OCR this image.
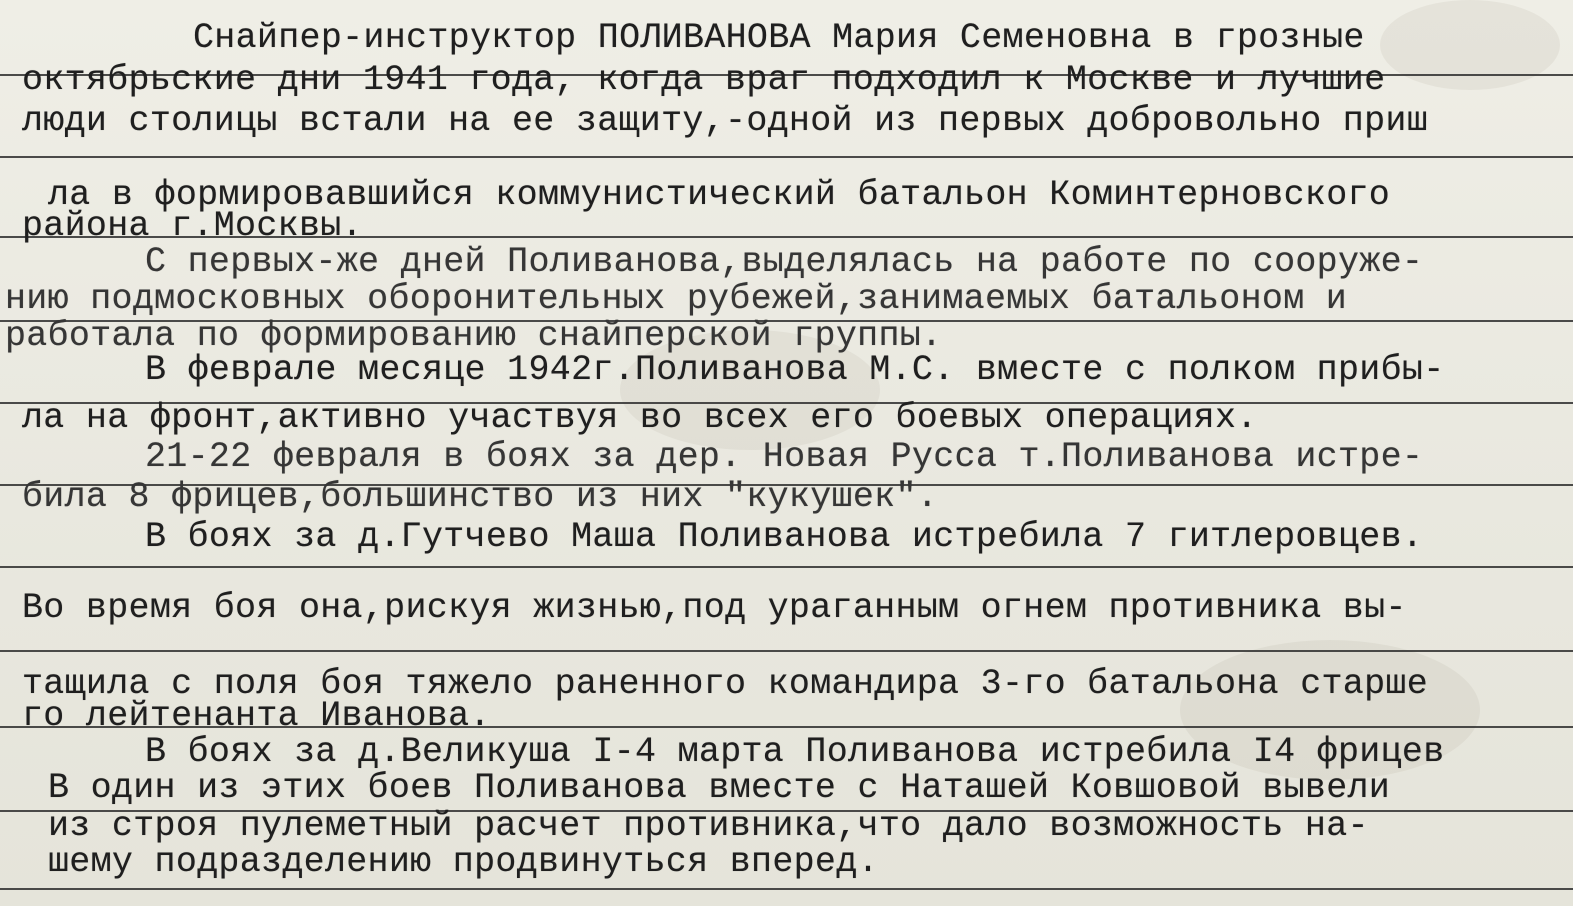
Снайпер-инструктор ПОЛИВАНОВА Мария Семеновна в грозные
октябрьские дни 1941 года, когда враг подходил к Москве и лучшие
люди столицы встали на ее защиту,-одной из первых добровольно приш
ла в формировавшийся коммунистический батальон Коминтерновского
района г.Москвы.
С первых-же дней Поливанова,выделялась на работе по сооруже-
нию подмосковных оборонительных рубежей,занимаемых батальоном и
работала по формированию снайперской группы.
В феврале месяце 1942г.Поливанова М.С. вместе с полком прибы-
ла на фронт,активно участвуя во всех его боевых операциях.
21-22 февраля в боях за дер. Новая Русса т.Поливанова истре-
била 8 фрицев,большинство из них "кукушек".
В боях за д.Гутчево Маша Поливанова истребила 7 гитлеровцев.
Во время боя она,рискуя жизнью,под ураганным огнем противника вы-
тащила с поля боя тяжело раненного командира 3-го батальона старше
го лейтенанта Иванова.
В боях за д.Великуша I-4 марта Поливанова истребила I4 фрицев
В один из этих боев Поливанова вместе с Наташей Ковшовой вывели
из строя пулеметный расчет противника,что дало возможность на-
шему подразделению продвинуться вперед.
